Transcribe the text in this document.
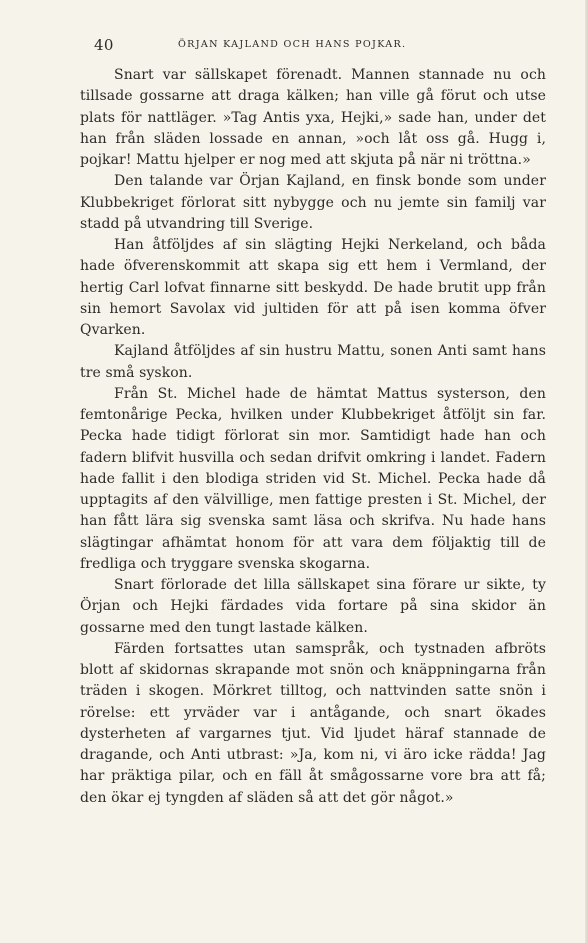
40	ÖRJAN KAJLAND OCH HANS POJKAR.

Snart var sällskapet förenadt. Mannen stannade nu och tillsade gossarne att draga kälken; han ville gå förut och utse plats för nattläger. »Tag Antis yxa, Hejki,» sade han, under det han från släden lossade en annan, »och låt oss gå. Hugg i, pojkar! Mattu hjelper er nog med att skjuta på när ni tröttna.»

Den talande var Örjan Kajland, en finsk bonde som under Klubbekriget förlorat sitt nybygge och nu jemte sin familj var stadd på utvandring till Sverige.

Han åtföljdes af sin slägting Hejki Nerkeland, och båda hade öfverenskommit att skapa sig ett hem i Vermland, der hertig Carl lofvat finnarne sitt beskydd. De hade brutit upp från sin hemort Savolax vid jultiden för att på isen komma öfver Qvarken.

Kajland åtföljdes af sin hustru Mattu, sonen Anti samt hans tre små syskon.

Från St. Michel hade de hämtat Mattus systerson, den femtonårige Pecka, hvilken under Klubbekriget åtföljt sin far. Pecka hade tidigt förlorat sin mor. Samtidigt hade han och fadern blifvit husvilla och sedan drifvit omkring i landet. Fadern hade fallit i den blodiga striden vid St. Michel. Pecka hade då upptagits af den välvillige, men fattige presten i St. Michel, der han fått lära sig svenska samt läsa och skrifva. Nu hade hans slägtingar afhämtat honom för att vara dem följaktig till de fredliga och tryggare svenska skogarna.

Snart förlorade det lilla sällskapet sina förare ur sikte, ty Örjan och Hejki färdades vida fortare på sina skidor än gossarne med den tungt lastade kälken.

Färden fortsattes utan samspråk, och tystnaden afbröts blott af skidornas skrapande mot snön och knäppningarna från träden i skogen. Mörkret tilltog, och nattvinden satte snön i rörelse: ett yrväder var i antågande, och snart ökades dysterheten af vargarnes tjut. Vid ljudet häraf stannade de dragande, och Anti utbrast: »Ja, kom ni, vi äro icke rädda! Jag har präktiga pilar, och en fäll åt smågossarne vore bra att få; den ökar ej tyngden af släden så att det gör något.»
